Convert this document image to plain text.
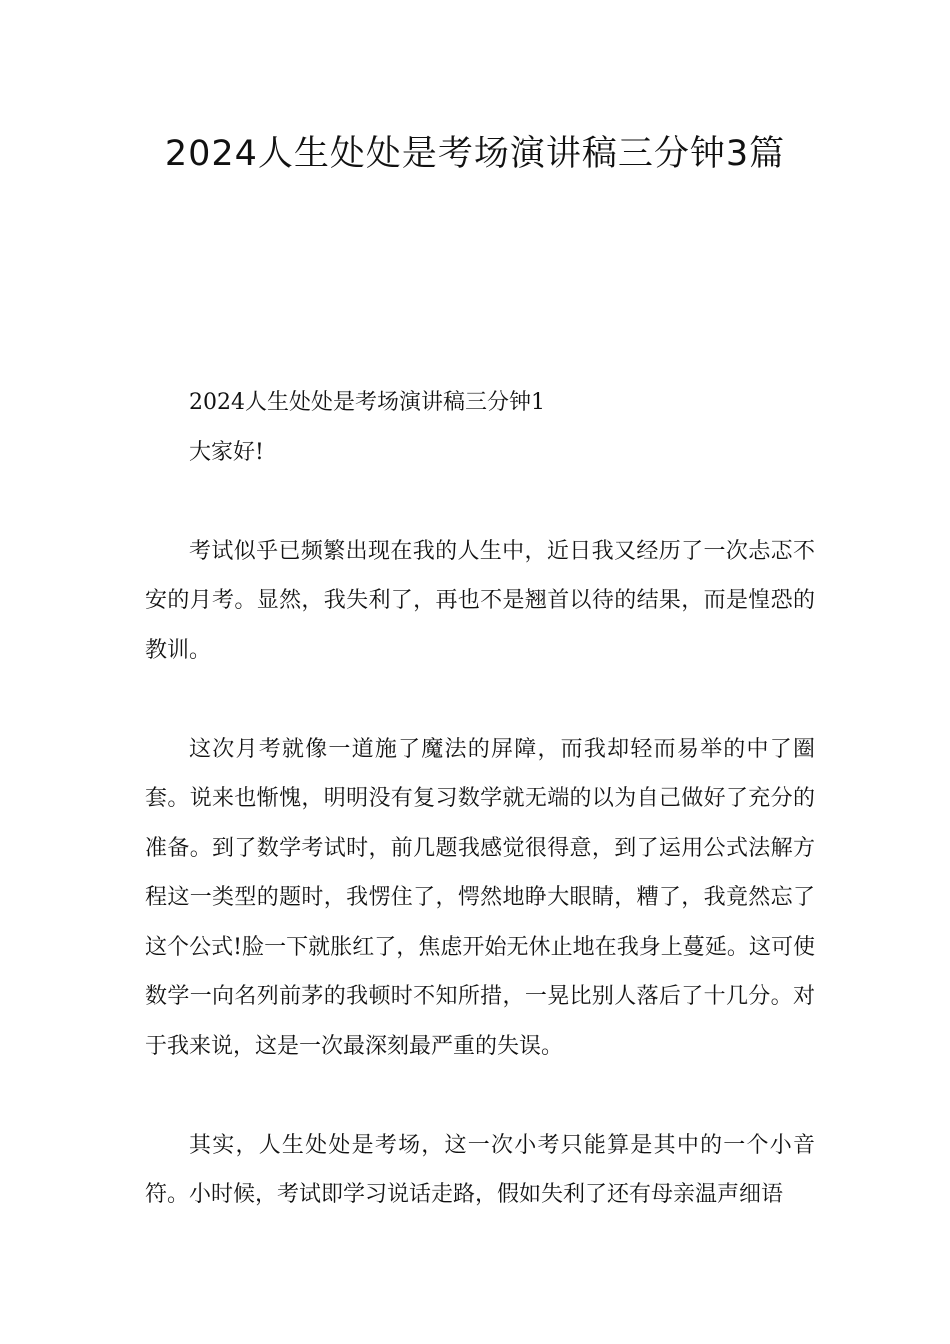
2024人生处处是考场演讲稿三分钟3篇

2024人生处处是考场演讲稿三分钟1

大家好!

考试似乎已频繁出现在我的人生中，近日我又经历了一次忐忑不安的月考。显然，我失利了，再也不是翘首以待的结果，而是惶恐的教训。

这次月考就像一道施了魔法的屏障，而我却轻而易举的中了圈套。说来也惭愧，明明没有复习数学就无端的以为自己做好了充分的准备。到了数学考试时，前几题我感觉很得意，到了运用公式法解方程这一类型的题时，我愣住了，愕然地睁大眼睛，糟了，我竟然忘了这个公式!脸一下就胀红了，焦虑开始无休止地在我身上蔓延。这可使数学一向名列前茅的我顿时不知所措，一晃比别人落后了十几分。对于我来说，这是一次最深刻最严重的失误。

其实，人生处处是考场，这一次小考只能算是其中的一个小音符。小时候，考试即学习说话走路，假如失利了还有母亲温声细语
